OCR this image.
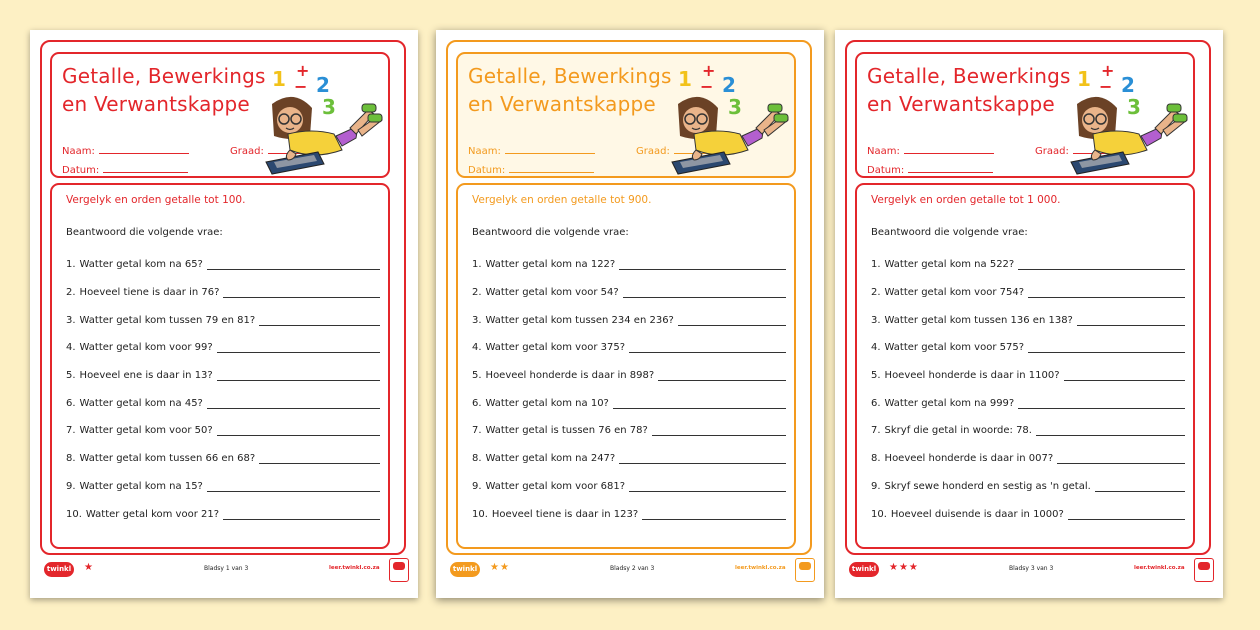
Getalle, Bewerkings
en Verwantskappe
Naam:	Graad:
Datum:
1 +
− 2
3
Vergelyk en orden getalle tot 100.
Beantwoord die volgende vrae:
1. Watter getal kom na 65?
2. Hoeveel tiene is daar in 76?
3. Watter getal kom tussen 79 en 81?
4. Watter getal kom voor 99?
5. Hoeveel ene is daar in 13?
6. Watter getal kom na 45?
7. Watter getal kom voor 50?
8. Watter getal kom tussen 66 en 68?
9. Watter getal kom na 15?
10. Watter getal kom voor 21?
twinkl ★	Bladsy 1 van 3	leer.twinkl.co.za
Getalle, Bewerkings
en Verwantskappe
Naam:	Graad:
Datum:
1 +
− 2
3
Vergelyk en orden getalle tot 900.
Beantwoord die volgende vrae:
1. Watter getal kom na 122?
2. Watter getal kom voor 54?
3. Watter getal kom tussen 234 en 236?
4. Watter getal kom voor 375?
5. Hoeveel honderde is daar in 898?
6. Watter getal kom na 10?
7. Watter getal is tussen 76 en 78?
8. Watter getal kom na 247?
9. Watter getal kom voor 681?
10. Hoeveel tiene is daar in 123?
twinkl ★★	Bladsy 2 van 3	leer.twinkl.co.za
Getalle, Bewerkings
en Verwantskappe
Naam:	Graad:
Datum:
1 +
− 2
3
Vergelyk en orden getalle tot 1 000.
Beantwoord die volgende vrae:
1. Watter getal kom na 522?
2. Watter getal kom voor 754?
3. Watter getal kom tussen 136 en 138?
4. Watter getal kom voor 575?
5. Hoeveel honderde is daar in 1100?
6. Watter getal kom na 999?
7. Skryf die getal in woorde: 78.
8. Hoeveel honderde is daar in 007?
9. Skryf sewe honderd en sestig as 'n getal.
10. Hoeveel duisende is daar in 1000?
twinkl ★★★	Bladsy 3 van 3	leer.twinkl.co.za
